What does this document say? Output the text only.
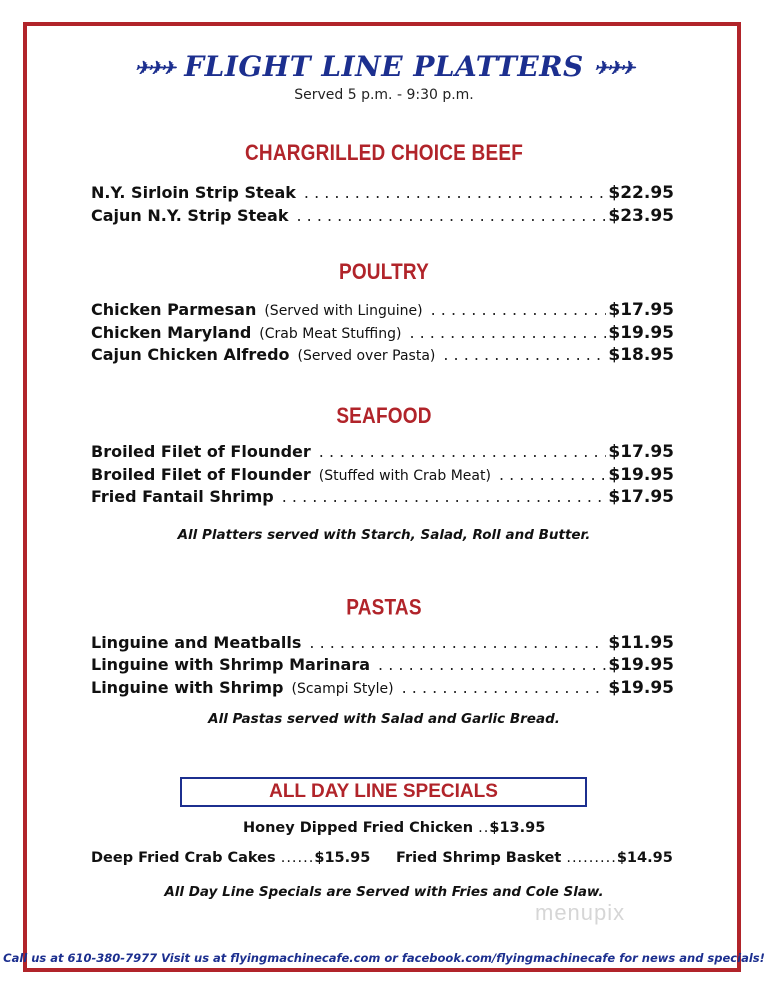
✈✈✈ FLIGHT LINE PLATTERS ✈✈✈
Served 5 p.m. - 9:30 p.m.
CHARGRILLED CHOICE BEEF
N.Y. Sirloin Strip Steak . . .	$22.95
Cajun N.Y. Strip Steak . . .	$23.95
POULTRY
Chicken Parmesan (Served with Linguine) . . .	$17.95
Chicken Maryland (Crab Meat Stuffing) . . .	$19.95
Cajun Chicken Alfredo (Served over Pasta) . . .	$18.95
SEAFOOD
Broiled Filet of Flounder . . .	$17.95
Broiled Filet of Flounder (Stuffed with Crab Meat) . . .	$19.95
Fried Fantail Shrimp . . .	$17.95
All Platters served with Starch, Salad, Roll and Butter.
PASTAS
Linguine and Meatballs . . .	$11.95
Linguine with Shrimp Marinara . . .	$19.95
Linguine with Shrimp (Scampi Style) . . .	$19.95
All Pastas served with Salad and Garlic Bread.
ALL DAY LINE SPECIALS
Honey Dipped Fried Chicken ..$13.95
Deep Fried Crab Cakes ......$15.95 Fried Shrimp Basket .........$14.95
All Day Line Specials are Served with Fries and Cole Slaw.
menupix
Call us at 610-380-7977 Visit us at flyingmachinecafe.com or facebook.com/flyingmachinecafe for news and specials!
